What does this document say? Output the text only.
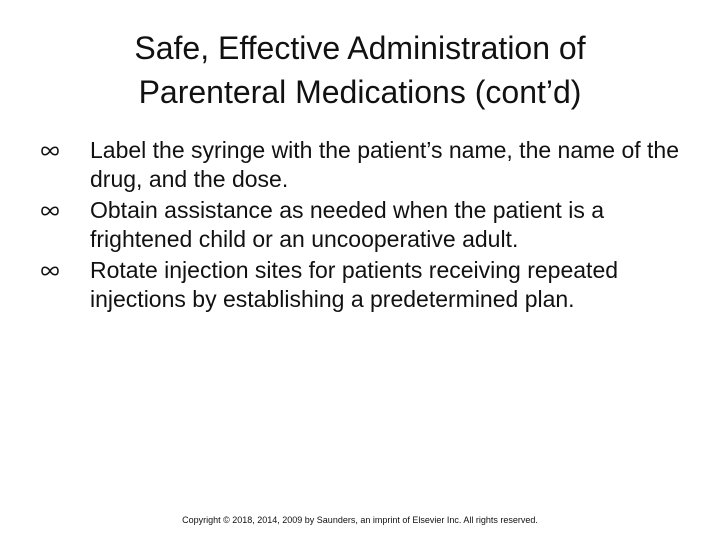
Safe, Effective Administration of
Parenteral Medications (cont’d)
Label the syringe with the patient’s name, the name of the drug, and the dose.
Obtain assistance as needed when the patient is a frightened child or an uncooperative adult.
Rotate injection sites for patients receiving repeated injections by establishing a predetermined plan.
Copyright © 2018, 2014, 2009 by Saunders, an imprint of Elsevier Inc. All rights reserved.
